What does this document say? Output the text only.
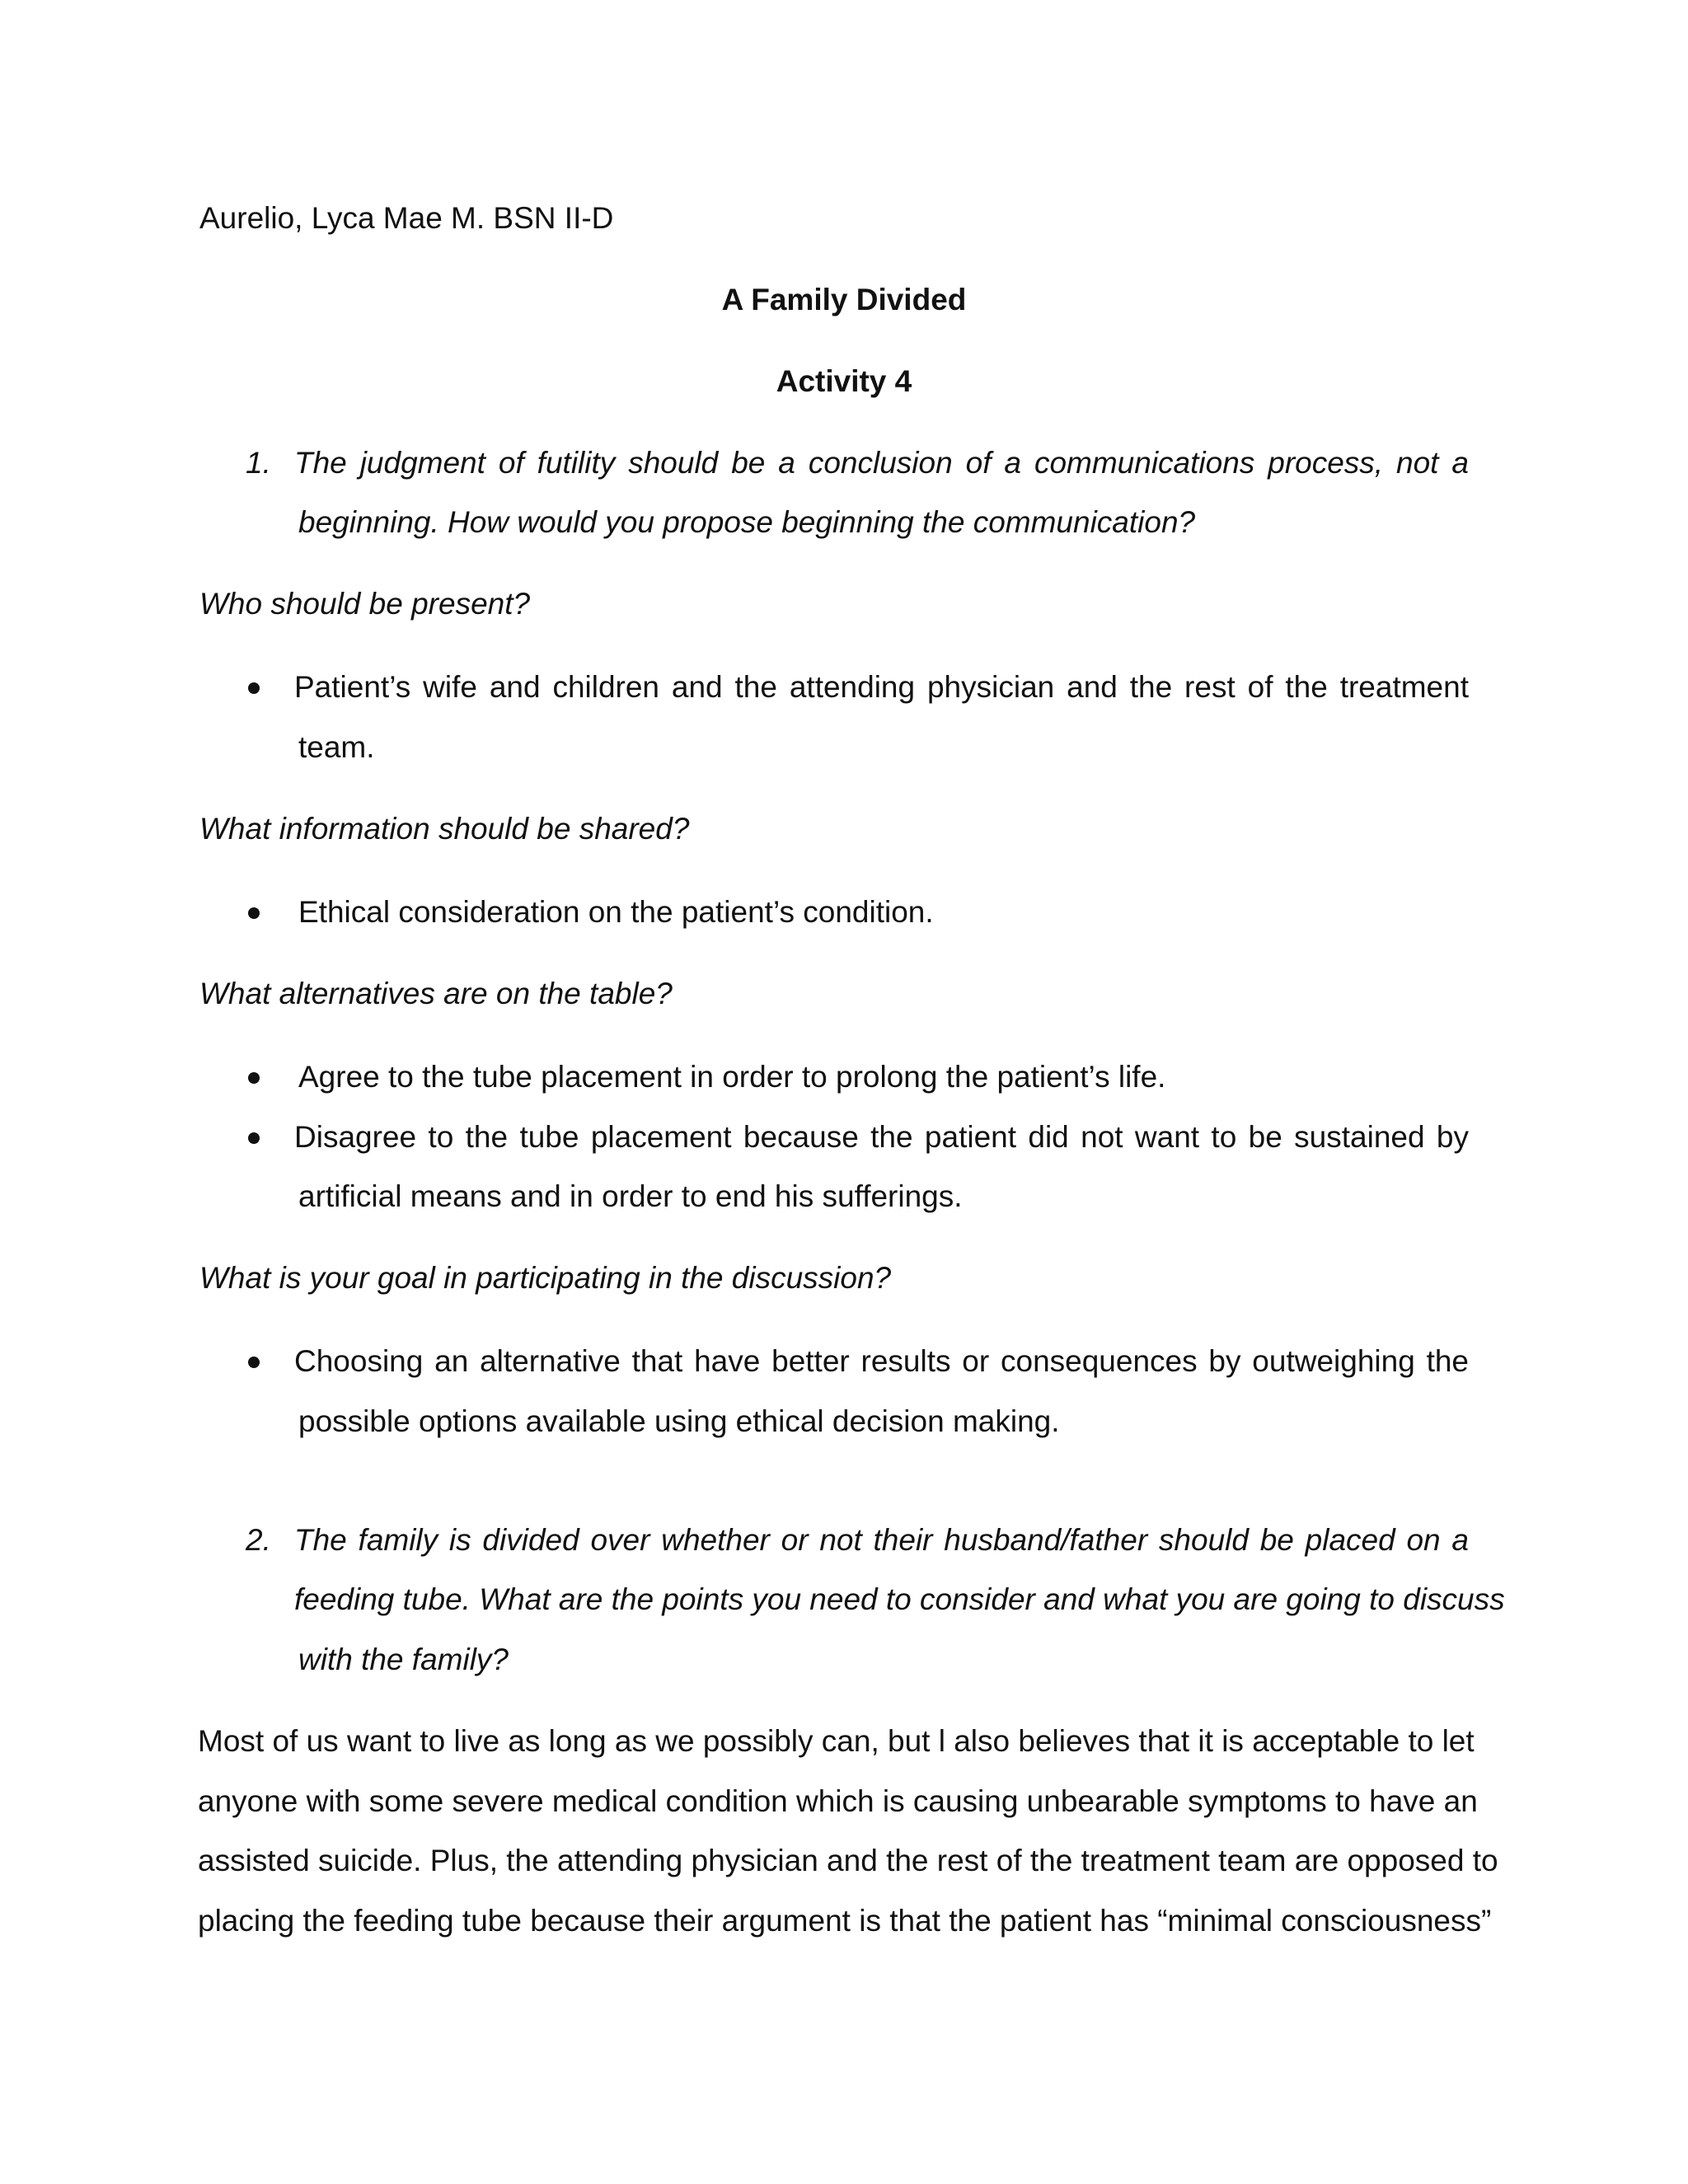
Aurelio, Lyca Mae M. BSN II-D
A Family Divided
Activity 4
1. The judgment of futility should be a conclusion of a communications process, not a
beginning. How would you propose beginning the communication?
Who should be present?
Patient’s wife and children and the attending physician and the rest of the treatment
team.
What information should be shared?
Ethical consideration on the patient’s condition.
What alternatives are on the table?
Agree to the tube placement in order to prolong the patient’s life.
Disagree to the tube placement because the patient did not want to be sustained by
artificial means and in order to end his sufferings.
What is your goal in participating in the discussion?
Choosing an alternative that have better results or consequences by outweighing the
possible options available using ethical decision making.
2. The family is divided over whether or not their husband/father should be placed on a
feeding tube. What are the points you need to consider and what you are going to discuss
with the family?
Most of us want to live as long as we possibly can, but l also believes that it is acceptable to let
anyone with some severe medical condition which is causing unbearable symptoms to have an
assisted suicide. Plus, the attending physician and the rest of the treatment team are opposed to
placing the feeding tube because their argument is that the patient has “minimal consciousness”
